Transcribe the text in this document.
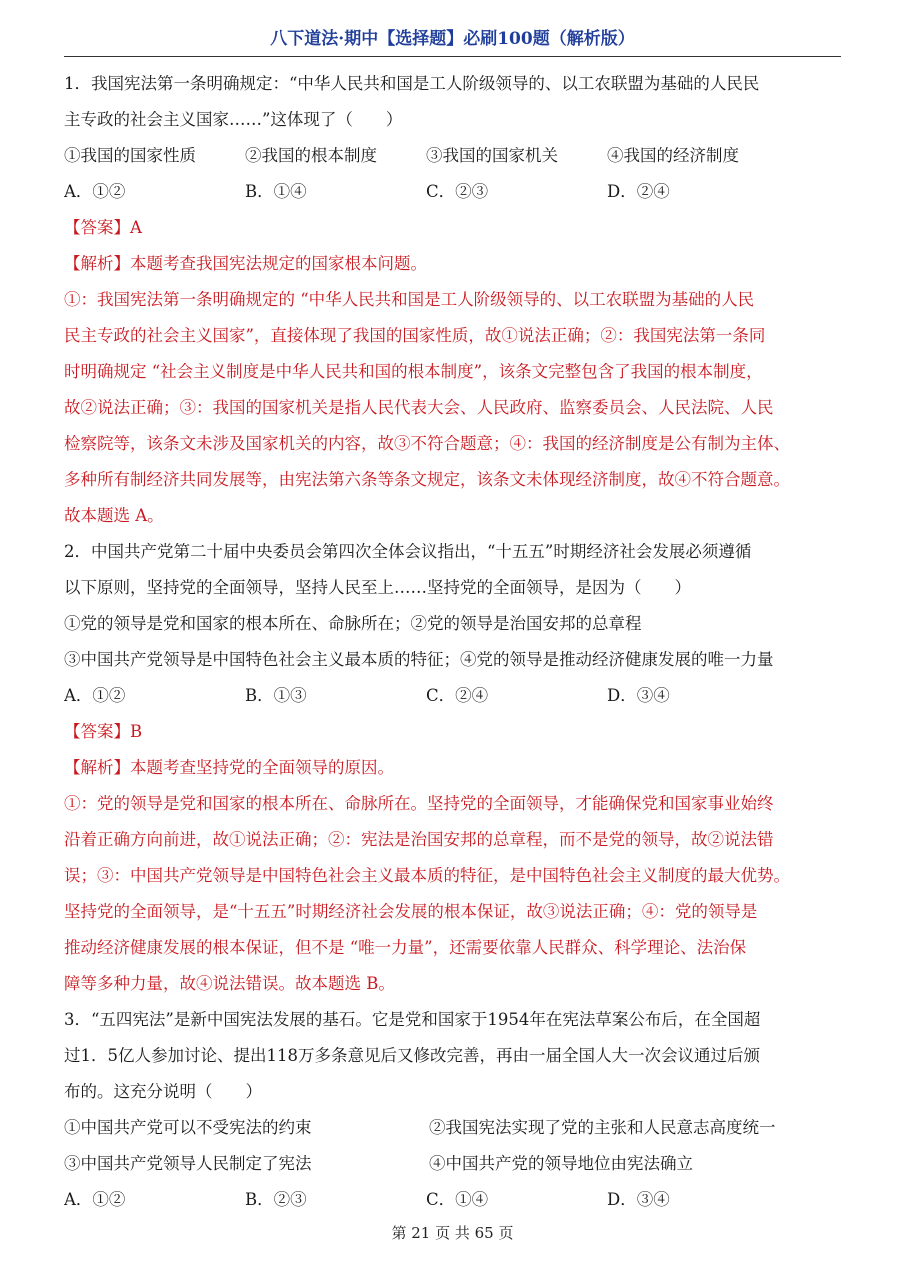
八下道法·期中【选择题】必刷100题（解析版）
1．我国宪法第一条明确规定：“中华人民共和国是工人阶级领导的、以工农联盟为基础的人民民
主专政的社会主义国家……”这体现了（　　）
①我国的国家性质	②我国的根本制度	③我国的国家机关	④我国的经济制度
A．①②	B．①④	C．②③	D．②④
【答案】A
【解析】本题考查我国宪法规定的国家根本问题。
①：我国宪法第一条明确规定的 “中华人民共和国是工人阶级领导的、以工农联盟为基础的人民
民主专政的社会主义国家”，直接体现了我国的国家性质，故①说法正确；②：我国宪法第一条同
时明确规定 “社会主义制度是中华人民共和国的根本制度”，该条文完整包含了我国的根本制度，
故②说法正确；③：我国的国家机关是指人民代表大会、人民政府、监察委员会、人民法院、人民
检察院等，该条文未涉及国家机关的内容，故③不符合题意；④：我国的经济制度是公有制为主体、
多种所有制经济共同发展等，由宪法第六条等条文规定，该条文未体现经济制度，故④不符合题意。
故本题选 A。
2．中国共产党第二十届中央委员会第四次全体会议指出，“十五五”时期经济社会发展必须遵循
以下原则，坚持党的全面领导，坚持人民至上……坚持党的全面领导，是因为（　　）
①党的领导是党和国家的根本所在、命脉所在；②党的领导是治国安邦的总章程
③中国共产党领导是中国特色社会主义最本质的特征；④党的领导是推动经济健康发展的唯一力量
A．①②	B．①③	C．②④	D．③④
【答案】B
【解析】本题考查坚持党的全面领导的原因。
①：党的领导是党和国家的根本所在、命脉所在。坚持党的全面领导，才能确保党和国家事业始终
沿着正确方向前进，故①说法正确；②：宪法是治国安邦的总章程，而不是党的领导，故②说法错
误；③：中国共产党领导是中国特色社会主义最本质的特征，是中国特色社会主义制度的最大优势。
坚持党的全面领导，是“十五五”时期经济社会发展的根本保证，故③说法正确；④：党的领导是
推动经济健康发展的根本保证，但不是 “唯一力量”，还需要依靠人民群众、科学理论、法治保
障等多种力量，故④说法错误。故本题选 B。
3．“五四宪法”是新中国宪法发展的基石。它是党和国家于1954年在宪法草案公布后，在全国超
过1．5亿人参加讨论、提出118万多条意见后又修改完善，再由一届全国人大一次会议通过后颁
布的。这充分说明（　　）
①中国共产党可以不受宪法的约束	②我国宪法实现了党的主张和人民意志高度统一
③中国共产党领导人民制定了宪法	④中国共产党的领导地位由宪法确立
A．①②	B．②③	C．①④	D．③④
第 21 页 共 65 页
